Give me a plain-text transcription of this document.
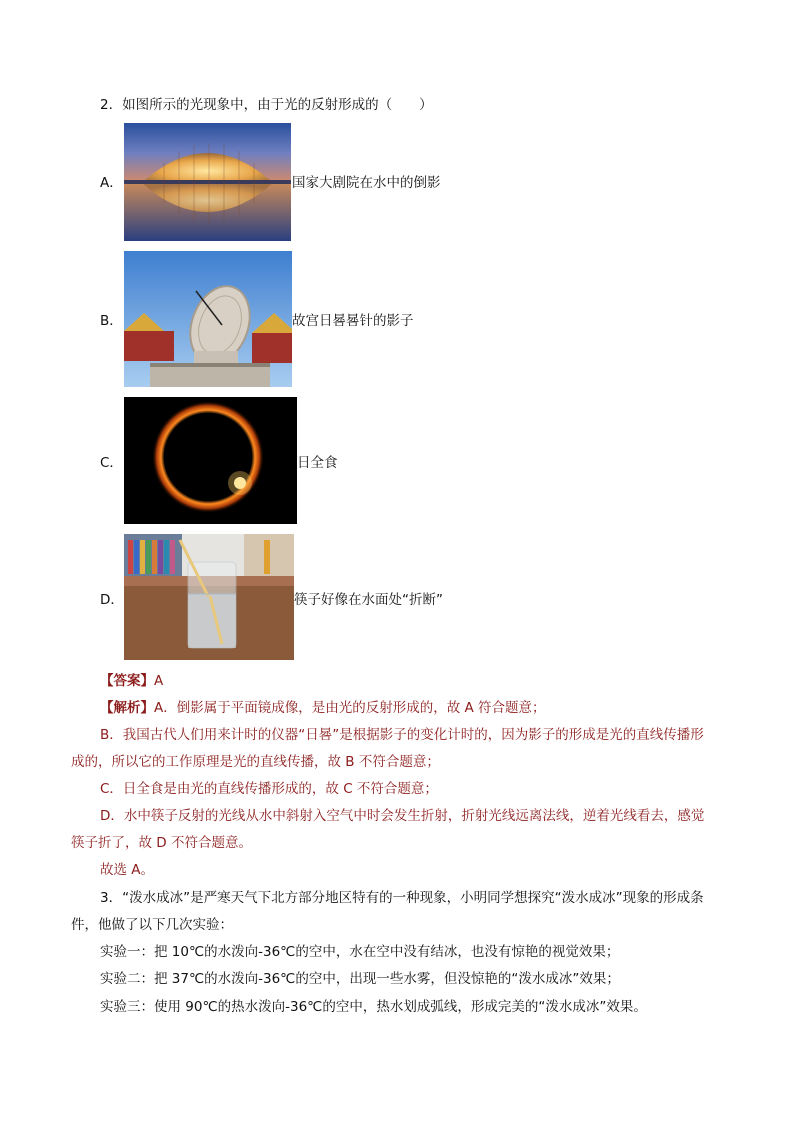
2．如图所示的光现象中，由于光的反射形成的（　　）
A．	国家大剧院在水中的倒影
B．	故宫日晷晷针的影子
C．	日全食
D．	筷子好像在水面处“折断”
【答案】A
【解析】A．倒影属于平面镜成像，是由光的反射形成的，故 A 符合题意；
B．我国古代人们用来计时的仪器“日晷”是根据影子的变化计时的，因为影子的形成是光的直线传播形
成的，所以它的工作原理是光的直线传播，故 B 不符合题意；
C．日全食是由光的直线传播形成的，故 C 不符合题意；
D．水中筷子反射的光线从水中斜射入空气中时会发生折射，折射光线远离法线，逆着光线看去，感觉
筷子折了，故 D 不符合题意。
故选 A。
3．“泼水成冰”是严寒天气下北方部分地区特有的一种现象，小明同学想探究“泼水成冰”现象的形成条
件，他做了以下几次实验：
实验一：把 10℃的水泼向-36℃的空中，水在空中没有结冰，也没有惊艳的视觉效果；
实验二：把 37℃的水泼向-36℃的空中，出现一些水雾，但没惊艳的“泼水成冰”效果；
实验三：使用 90℃的热水泼向-36℃的空中，热水划成弧线，形成完美的“泼水成冰”效果。
